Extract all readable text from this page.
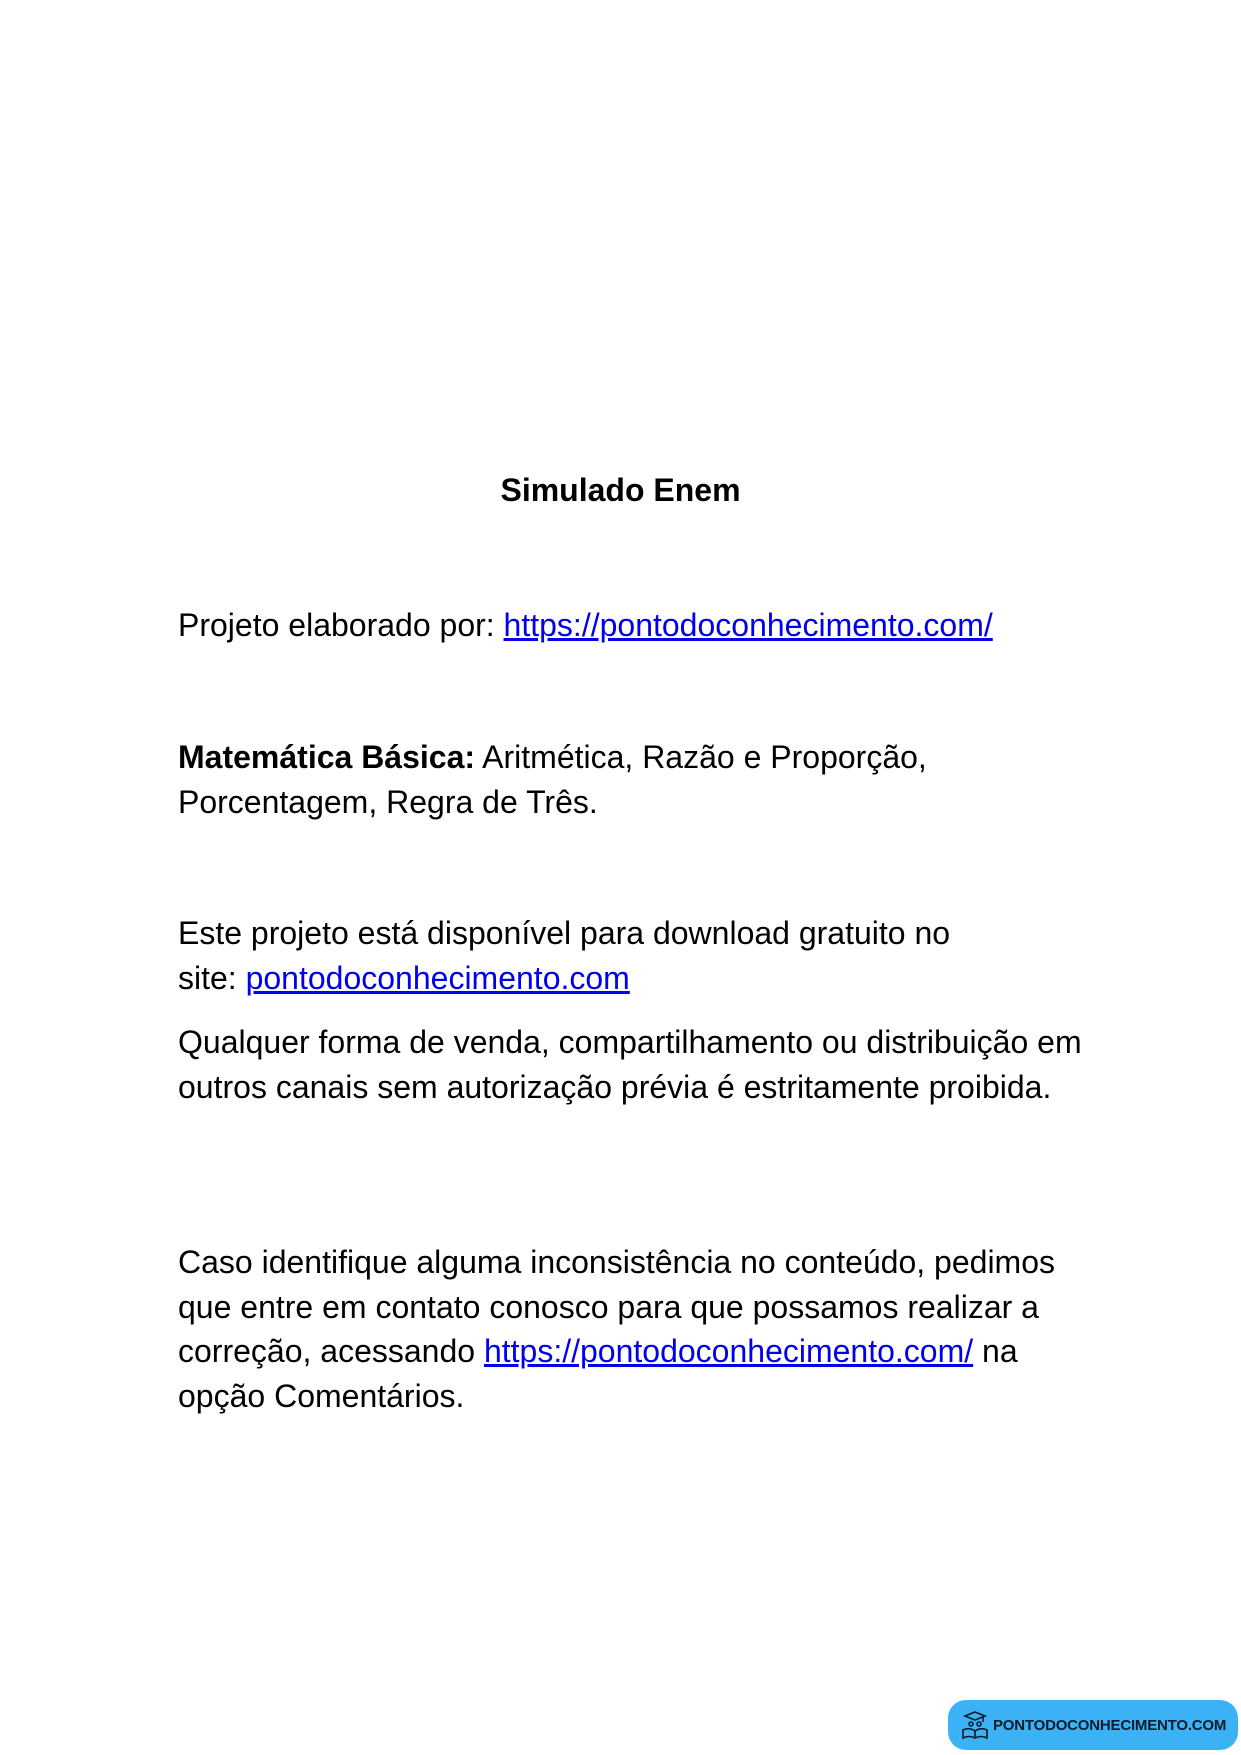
Simulado Enem
Projeto elaborado por: https://pontodoconhecimento.com/
Matemática Básica: Aritmética, Razão e Proporção, Porcentagem, Regra de Três.
Este projeto está disponível para download gratuito no site: pontodoconhecimento.com
Qualquer forma de venda, compartilhamento ou distribuição em outros canais sem autorização prévia é estritamente proibida.
Caso identifique alguma inconsistência no conteúdo, pedimos que entre em contato conosco para que possamos realizar a correção, acessando https://pontodoconhecimento.com/ na opção Comentários.
PONTODOCONHECIMENTO.COM
